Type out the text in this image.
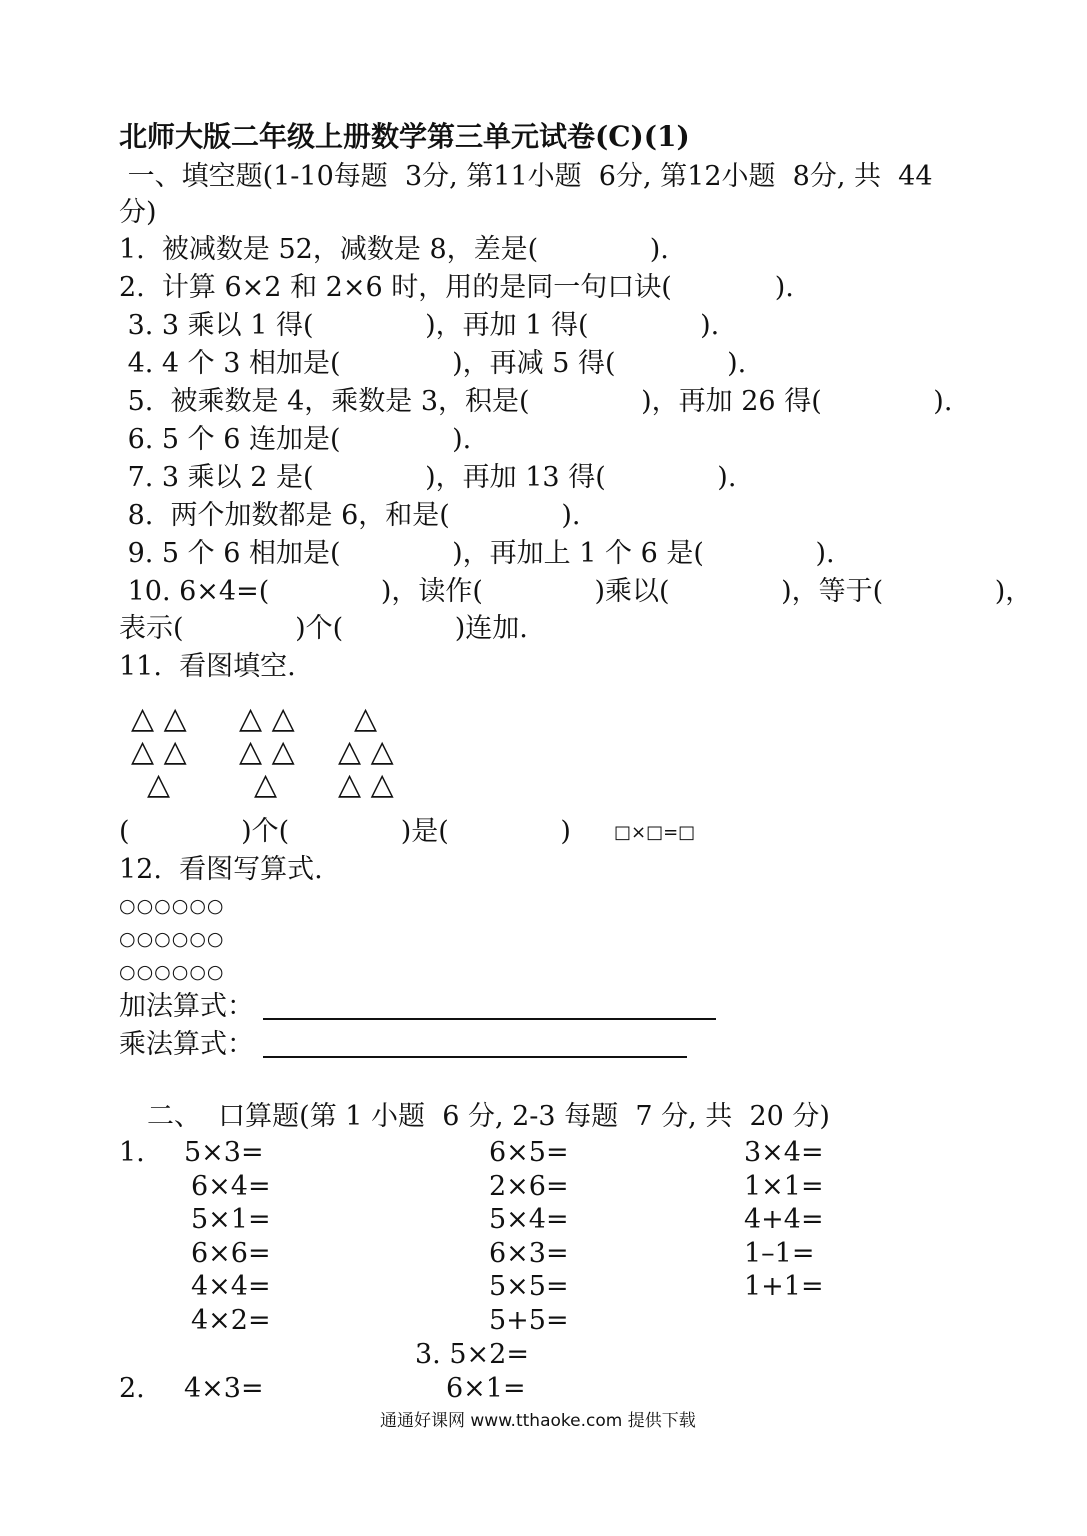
北师大版二年级上册数学第三单元试卷(C)(1)
一、填空题(1-10每题  3分, 第11小题  6分, 第12小题  8分, 共  44
分)
1.  被减数是 52，减数是 8，差是(             ).
2.  计算 6×2 和 2×6 时，用的是同一句口诀(            ).
3. 3 乘以 1 得(             )，再加 1 得(             ).
4. 4 个 3 相加是(             )，再减 5 得(             ).
5.  被乘数是 4，乘数是 3，积是(             )，再加 26 得(             ).
6. 5 个 6 连加是(             ).
7. 3 乘以 2 是(             )，再加 13 得(             ).
8.  两个加数都是 6，和是(             ).
9. 5 个 6 相加是(             )，再加上 1 个 6 是(             ).
10. 6×4=(             )，读作(             )乘以(             )，等于(             )，
表示(             )个(             )连加.
11.  看图填空.
△ △
△ △
△
△ △
△ △
△
△
△ △
△ △
(             )个(             )是(             ) □×□=□
12.  看图写算式.
○○○○○○
○○○○○○
○○○○○○
加法算式：
乘法算式：
二、  口算题(第 1 小题  6 分, 2-3 每题  7 分, 共  20 分)
1. 5×3=
6×4=
5×1=
6×6=
4×4=
4×2=
6×5=
2×6=
5×4=
6×3=
5×5=
5+5=
3×4=
1×1=
4+4=
1–1=
1+1=
3. 5×2=
2. 4×3=	6×1=
通通好课网 www.tthaoke.com 提供下载
